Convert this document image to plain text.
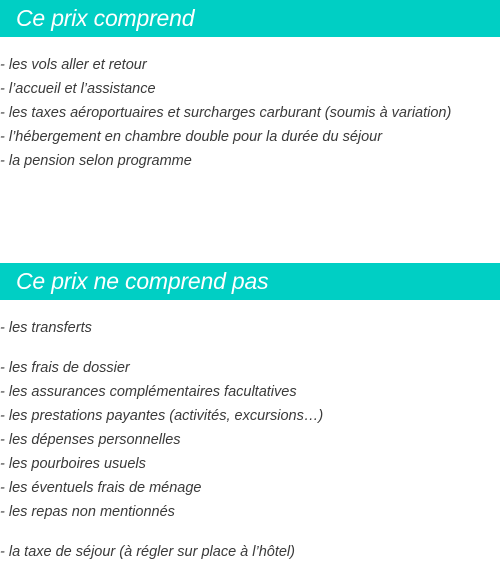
Ce prix comprend
- les vols aller et retour
- l’accueil et l’assistance
- les taxes aéroportuaires et surcharges carburant (soumis à variation)
- l’hébergement en chambre double pour la durée du séjour
- la pension selon programme
Ce prix ne comprend pas
- les transferts
- les frais de dossier
- les assurances complémentaires facultatives
- les prestations payantes (activités, excursions…)
- les dépenses personnelles
- les pourboires usuels
- les éventuels frais de ménage
- les repas non mentionnés
- la taxe de séjour (à régler sur place à l’hôtel)
